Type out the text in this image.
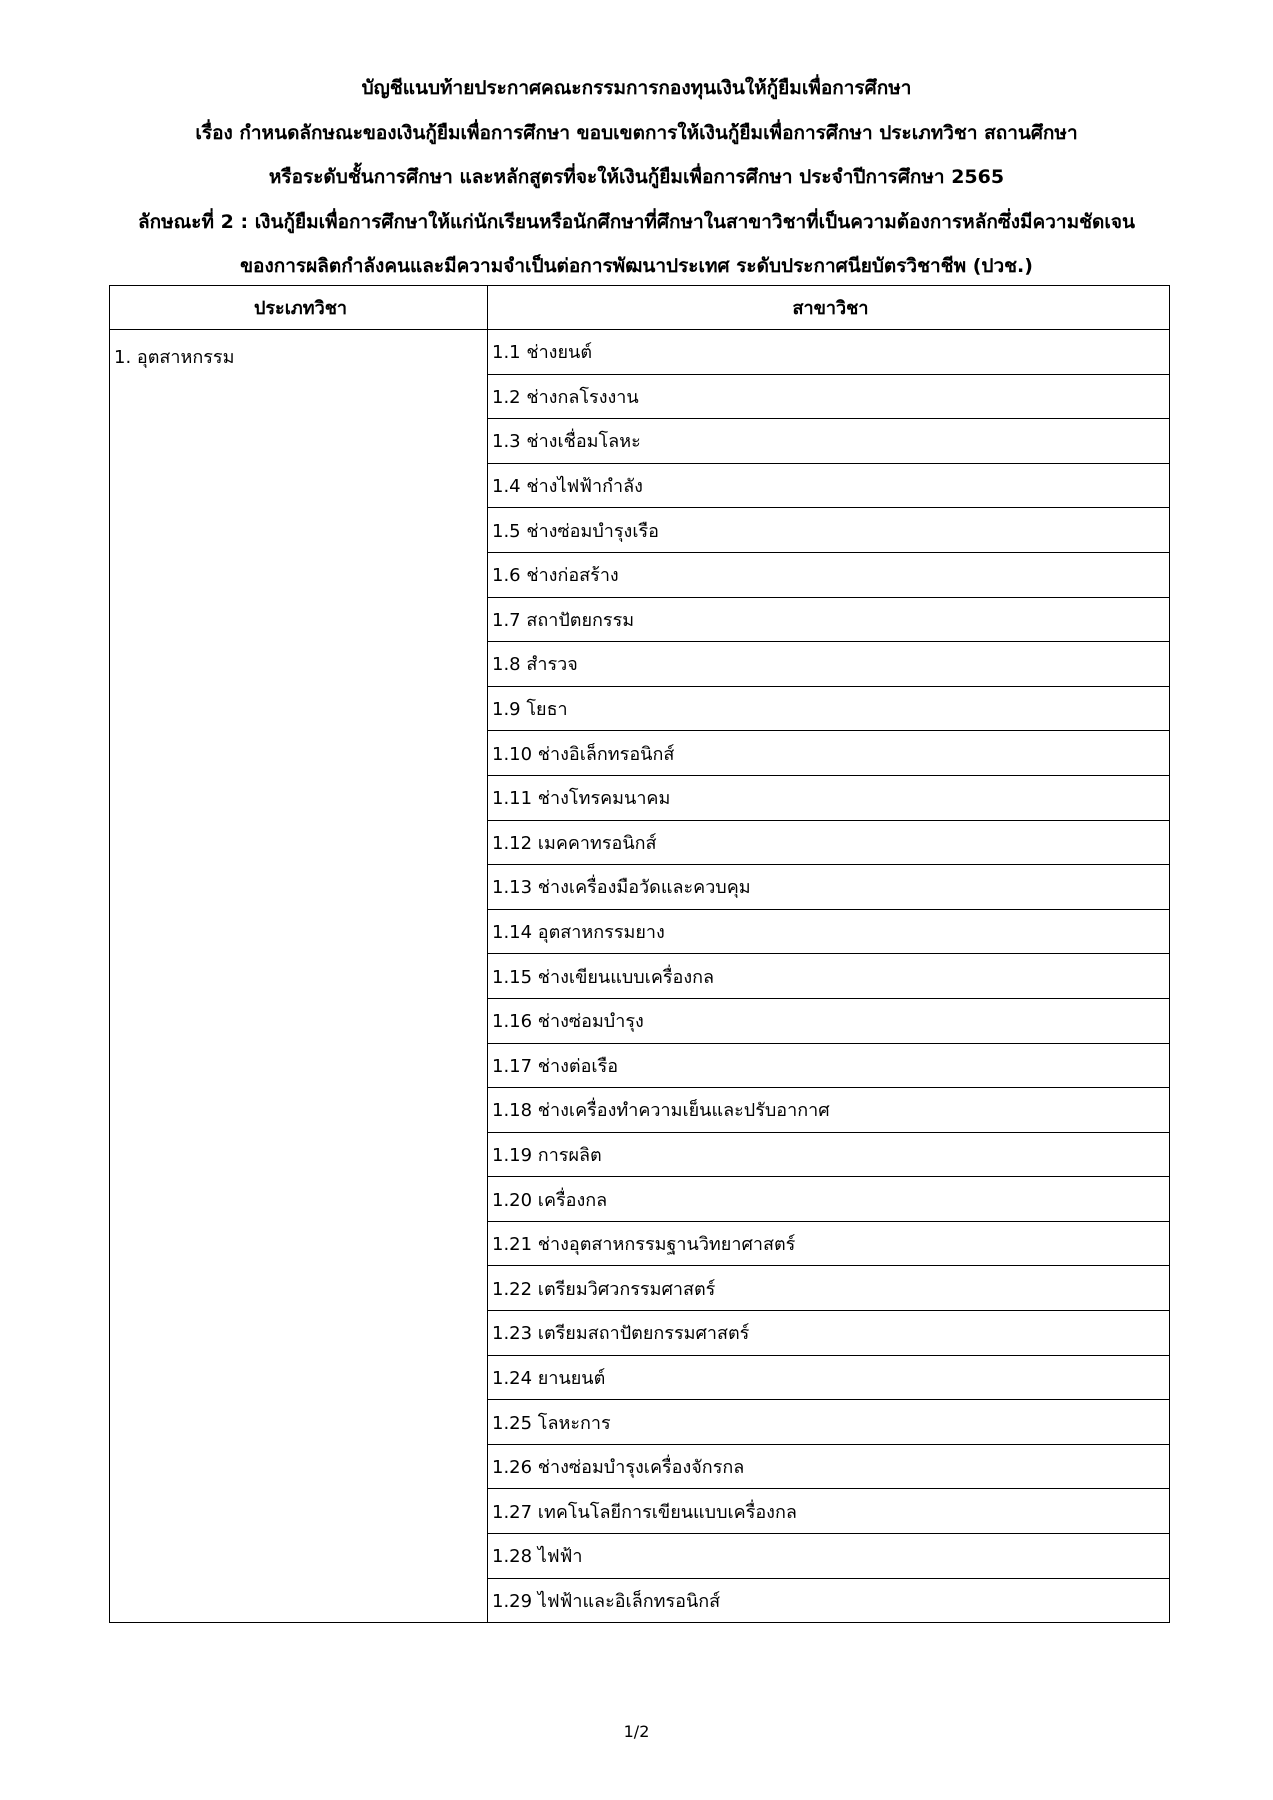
บัญชีแนบท้ายประกาศคณะกรรมการกองทุนเงินให้กู้ยืมเพื่อการศึกษา
เรื่อง กำหนดลักษณะของเงินกู้ยืมเพื่อการศึกษา ขอบเขตการให้เงินกู้ยืมเพื่อการศึกษา ประเภทวิชา สถานศึกษา
หรือระดับชั้นการศึกษา และหลักสูตรที่จะให้เงินกู้ยืมเพื่อการศึกษา ประจำปีการศึกษา 2565
ลักษณะที่ 2 : เงินกู้ยืมเพื่อการศึกษาให้แก่นักเรียนหรือนักศึกษาที่ศึกษาในสาขาวิชาที่เป็นความต้องการหลักซึ่งมีความชัดเจน
ของการผลิตกำลังคนและมีความจำเป็นต่อการพัฒนาประเทศ ระดับประกาศนียบัตรวิชาชีพ (ปวช.)
ประเภทวิชา	สาขาวิชา
1. อุตสาหกรรม	1.1 ช่างยนต์
	1.2 ช่างกลโรงงาน
	1.3 ช่างเชื่อมโลหะ
	1.4 ช่างไฟฟ้ากำลัง
	1.5 ช่างซ่อมบำรุงเรือ
	1.6 ช่างก่อสร้าง
	1.7 สถาปัตยกรรม
	1.8 สำรวจ
	1.9 โยธา
	1.10 ช่างอิเล็กทรอนิกส์
	1.11 ช่างโทรคมนาคม
	1.12 เมคคาทรอนิกส์
	1.13 ช่างเครื่องมือวัดและควบคุม
	1.14 อุตสาหกรรมยาง
	1.15 ช่างเขียนแบบเครื่องกล
	1.16 ช่างซ่อมบำรุง
	1.17 ช่างต่อเรือ
	1.18 ช่างเครื่องทำความเย็นและปรับอากาศ
	1.19 การผลิต
	1.20 เครื่องกล
	1.21 ช่างอุตสาหกรรมฐานวิทยาศาสตร์
	1.22 เตรียมวิศวกรรมศาสตร์
	1.23 เตรียมสถาปัตยกรรมศาสตร์
	1.24 ยานยนต์
	1.25 โลหะการ
	1.26 ช่างซ่อมบำรุงเครื่องจักรกล
	1.27 เทคโนโลยีการเขียนแบบเครื่องกล
	1.28 ไฟฟ้า
	1.29 ไฟฟ้าและอิเล็กทรอนิกส์
1/2
